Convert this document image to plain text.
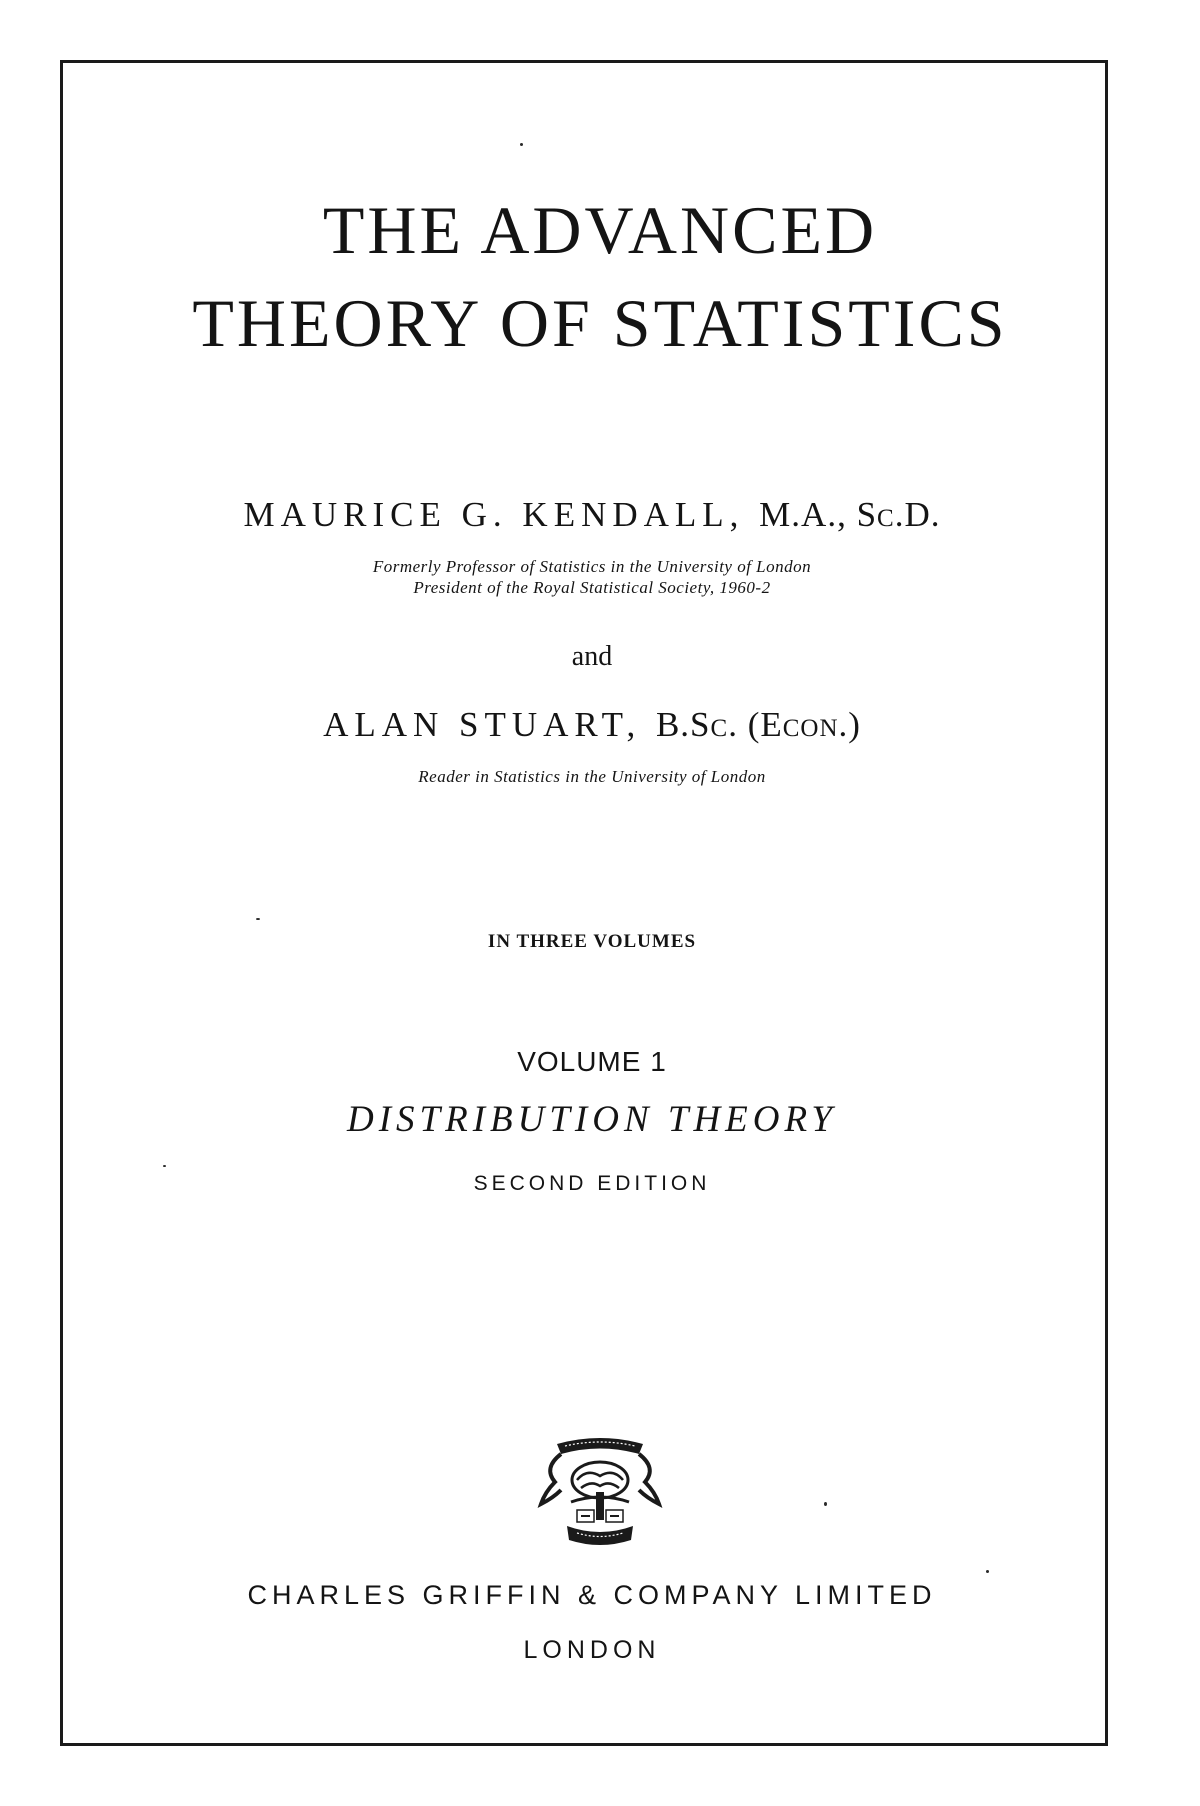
THE ADVANCED
THEORY OF STATISTICS
MAURICE G. KENDALL, M.A., Sc.D.
Formerly Professor of Statistics in the University of London
President of the Royal Statistical Society, 1960-2
and
ALAN STUART, B.Sc. (Econ.)
Reader in Statistics in the University of London
IN THREE VOLUMES
VOLUME 1
DISTRIBUTION THEORY
SECOND EDITION
CHARLES GRIFFIN & COMPANY LIMITED
LONDON
